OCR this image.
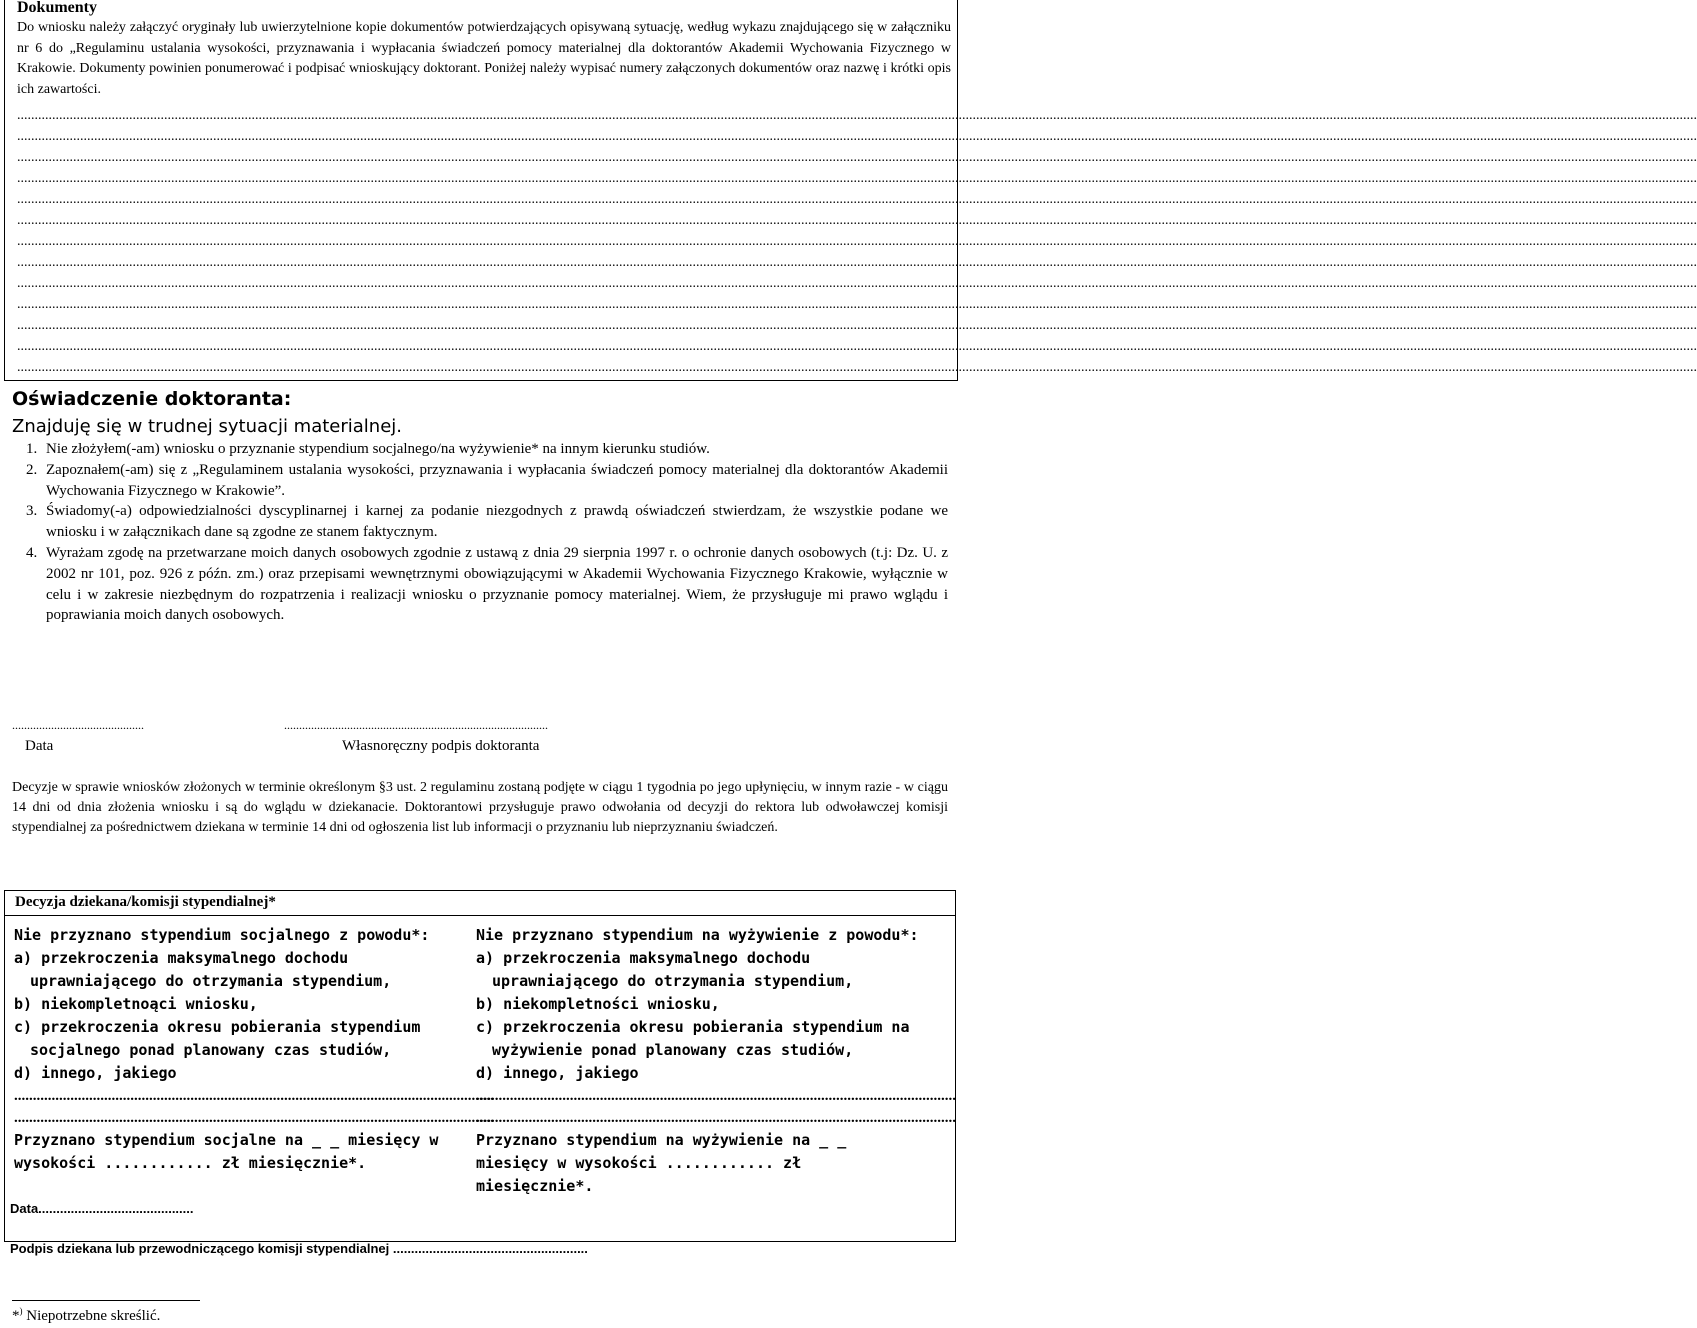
Dokumenty

Do wniosku należy załączyć oryginały lub uwierzytelnione kopie dokumentów potwierdzających opisywaną sytuację, według wykazu znajdującego się w załączniku nr 6 do „Regulaminu ustalania wysokości, przyznawania i wypłacania świadczeń pomocy materialnej dla doktorantów Akademii Wychowania Fizycznego w Krakowie. Dokumenty powinien ponumerować i podpisać wnioskujący doktorant. Poniżej należy wypisać numery załączonych dokumentów oraz nazwę i krótki opis ich zawartości.

................................................................................................................................................................................................................................................................................................................................................................................................................................................................................................
................................................................................................................................................................................................................................................................................................................................................................................................................................................................................................
................................................................................................................................................................................................................................................................................................................................................................................................................................................................................................
................................................................................................................................................................................................................................................................................................................................................................................................................................................................................................
................................................................................................................................................................................................................................................................................................................................................................................................................................................................................................
................................................................................................................................................................................................................................................................................................................................................................................................................................................................................................
................................................................................................................................................................................................................................................................................................................................................................................................................................................................................................
................................................................................................................................................................................................................................................................................................................................................................................................................................................................................................
................................................................................................................................................................................................................................................................................................................................................................................................................................................................................................
................................................................................................................................................................................................................................................................................................................................................................................................................................................................................................
................................................................................................................................................................................................................................................................................................................................................................................................................................................................................................
................................................................................................................................................................................................................................................................................................................................................................................................................................................................................................
................................................................................................................................................................................................................................................................................................................................................................................................................................................................................................
Oświadczenie doktoranta:
Znajduję się w trudnej sytuacji materialnej.

1. Nie złożyłem(-am) wniosku o przyznanie stypendium socjalnego/na wyżywienie* na innym kierunku studiów.

2. Zapoznałem(-am) się z „Regulaminem ustalania wysokości, przyznawania i wypłacania świadczeń pomocy materialnej dla doktorantów Akademii Wychowania Fizycznego w Krakowie”.

3. Świadomy(-a) odpowiedzialności dyscyplinarnej i karnej za podanie niezgodnych z prawdą oświadczeń stwierdzam, że wszystkie podane we wniosku i w załącznikach dane są zgodne ze stanem faktycznym.

4. Wyrażam zgodę na przetwarzane moich danych osobowych zgodnie z ustawą z dnia 29 sierpnia 1997 r. o ochronie danych osobowych (t.j: Dz. U. z 2002 nr 101, poz. 926 z późn. zm.) oraz przepisami wewnętrznymi obowiązującymi w Akademii Wychowania Fizycznego Krakowie, wyłącznie w celu i w zakresie niezbędnym do rozpatrzenia i realizacji wniosku o przyznanie pomocy materialnej. Wiem, że przysługuje mi prawo wglądu i poprawiania moich danych osobowych.

............................................	........................................................................................
Data	Własnoręczny podpis doktoranta

Decyzje w sprawie wniosków złożonych w terminie określonym §3 ust. 2 regulaminu zostaną podjęte w ciągu 1 tygodnia po jego upłynięciu, w innym razie - w ciągu 14 dni od dnia złożenia wniosku i są do wglądu w dziekanacie. Doktorantowi przysługuje prawo odwołania od decyzji do rektora lub odwoławczej komisji stypendialnej za pośrednictwem dziekana w terminie 14 dni od ogłoszenia list lub informacji o przyznaniu lub nieprzyznaniu świadczeń.

Decyzja dziekana/komisji stypendialnej*
Nie przyznano stypendium socjalnego z powodu*:
a) przekroczenia maksymalnego dochodu
uprawniającego do otrzymania stypendium,
b) niekompletnoąci wniosku,
c) przekroczenia okresu pobierania stypendium
socjalnego ponad planowany czas studiów,
d) innego, jakiego
................................................................................................................................
................................................................................................................................
Przyznano stypendium socjalne na _ _ miesięcy w wysokości ............ zł miesięcznie*.
Nie przyznano stypendium na wyżywienie z powodu*:
a) przekroczenia maksymalnego dochodu
uprawniającego do otrzymania stypendium,
b) niekompletności wniosku,
c) przekroczenia okresu pobierania stypendium na
wyżywienie ponad planowany czas studiów,
d) innego, jakiego
................................................................................................................................
................................................................................................................................
Przyznano stypendium na wyżywienie na _ _ miesięcy w wysokości ............ zł miesięcznie*.
Data...........................................
Podpis dziekana lub przewodniczącego komisji stypendialnej ......................................................
*) Niepotrzebne skreślić.
